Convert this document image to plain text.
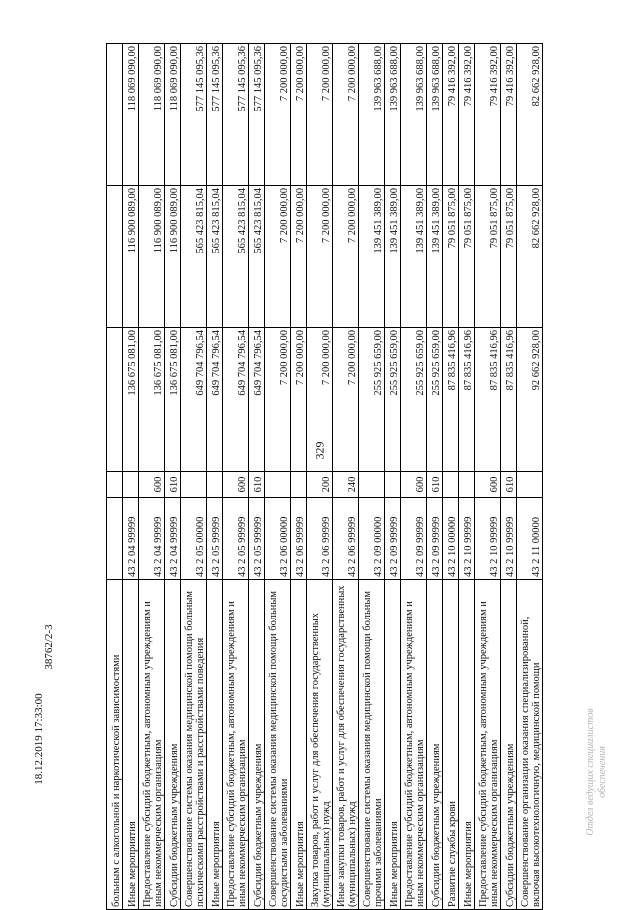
329
больным с алкогольной и наркотической зависимостями					
Иные мероприятия	43 2 04 99999		136 675 081,00	116 900 089,00	118 069 090,00
Предоставление субсидий бюджетным, автономным учреждениям и иным некоммерческим организациям	43 2 04 99999	600	136 675 081,00	116 900 089,00	118 069 090,00
Субсидии бюджетным учреждениям	43 2 04 99999	610	136 675 081,00	116 900 089,00	118 069 090,00
Совершенствование системы оказания медицинской помощи больным психическими расстройствами и расстройствами поведения	43 2 05 00000		649 704 796,54	565 423 815,04	577 145 095,36
Иные мероприятия	43 2 05 99999		649 704 796,54	565 423 815,04	577 145 095,36
Предоставление субсидий бюджетным, автономным учреждениям и иным некоммерческим организациям	43 2 05 99999	600	649 704 796,54	565 423 815,04	577 145 095,36
Субсидии бюджетным учреждениям	43 2 05 99999	610	649 704 796,54	565 423 815,04	577 145 095,36
Совершенствование системы оказания медицинской помощи больным сосудистыми заболеваниями	43 2 06 00000		7 200 000,00	7 200 000,00	7 200 000,00
Иные мероприятия	43 2 06 99999		7 200 000,00	7 200 000,00	7 200 000,00
Закупка товаров, работ и услуг для обеспечения государственных (муниципальных) нужд	43 2 06 99999	200	7 200 000,00	7 200 000,00	7 200 000,00
Иные закупки товаров, работ и услуг для обеспечения государственных (муниципальных) нужд	43 2 06 99999	240	7 200 000,00	7 200 000,00	7 200 000,00
Совершенствование системы оказания медицинской помощи больным прочими заболеваниями	43 2 09 00000		255 925 659,00	139 451 389,00	139 963 688,00
Иные мероприятия	43 2 09 99999		255 925 659,00	139 451 389,00	139 963 688,00
Предоставление субсидий бюджетным, автономным учреждениям и иным некоммерческим организациям	43 2 09 99999	600	255 925 659,00	139 451 389,00	139 963 688,00
Субсидии бюджетным учреждениям	43 2 09 99999	610	255 925 659,00	139 451 389,00	139 963 688,00
Развитие службы крови	43 2 10 00000		87 835 416,96	79 051 875,00	79 416 392,00
Иные мероприятия	43 2 10 99999		87 835 416,96	79 051 875,00	79 416 392,00
Предоставление субсидий бюджетным, автономным учреждениям и иным некоммерческим организациям	43 2 10 99999	600	87 835 416,96	79 051 875,00	79 416 392,00
Субсидии бюджетным учреждениям	43 2 10 99999	610	87 835 416,96	79 051 875,00	79 416 392,00
Совершенствование организации оказания специализированной, включая высокотехнологичную, медицинской помощи	43 2 11 00000		92 662 928,00	82 662 928,00	82 662 928,00
18.12.2019 17:33:00
38762/2-3
Отдел ведущих специалистов обеспечения
